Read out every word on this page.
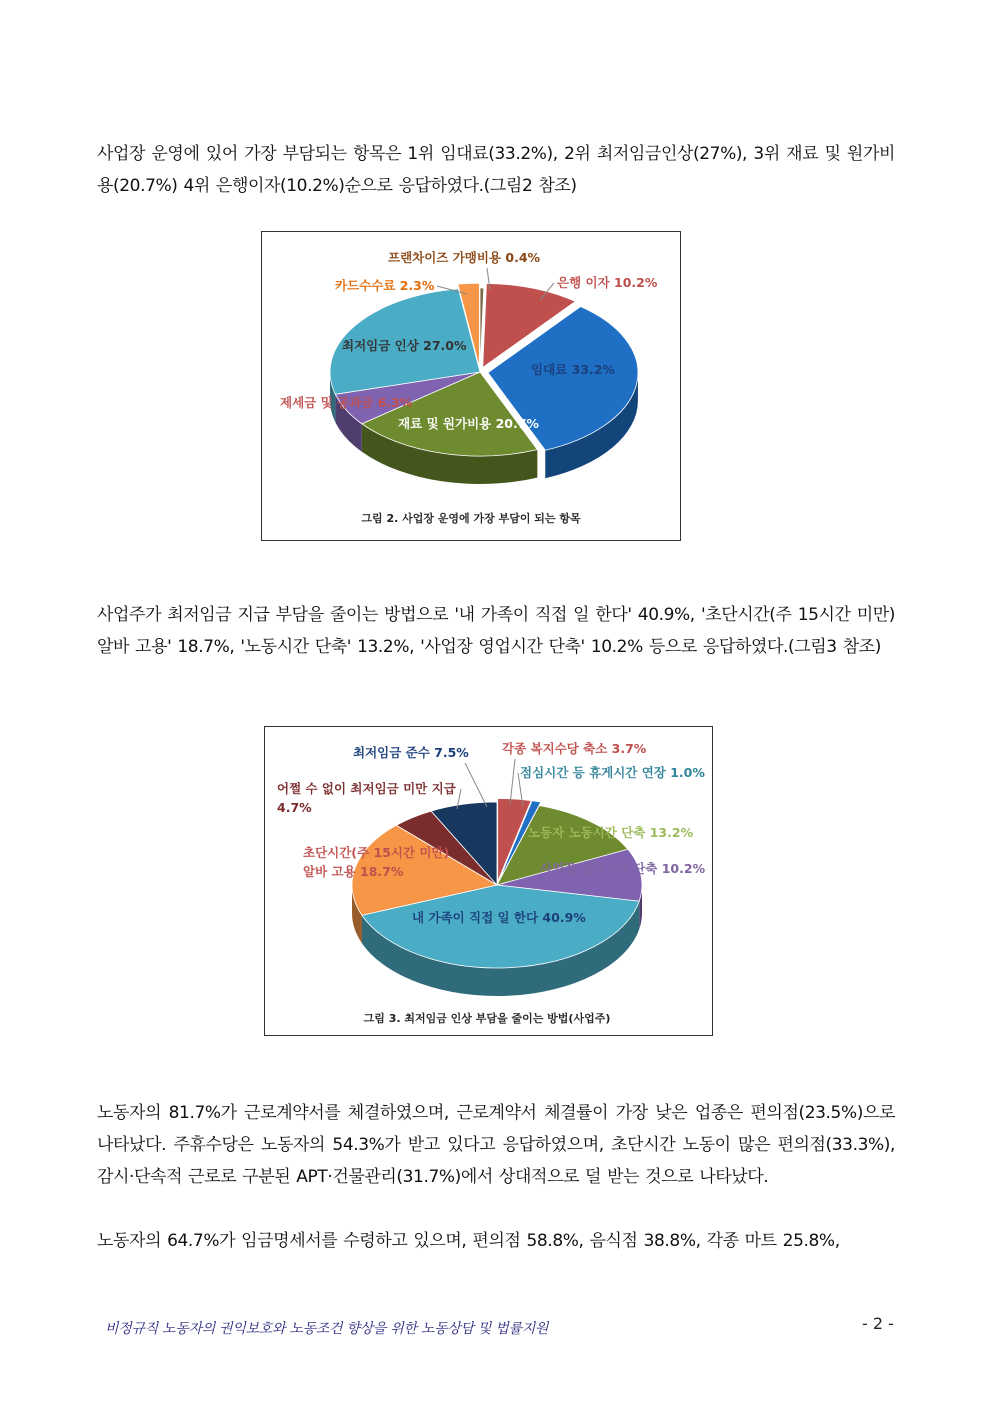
사업장 운영에 있어 가장 부담되는 항목은 1위 임대료(33.2%), 2위 최저임금인상(27%), 3위 재료 및 원가비용(20.7%) 4위 은행이자(10.2%)순으로 응답하였다.(그림2 참조)

프랜차이즈 가맹비용 0.4%
은행 이자 10.2%
카드수수료 2.3%
최저임금 인상 27.0%
임대료 33.2%
제세금 및 공과금 6.3%
재료 및 원가비용 20.7%
그림 2. 사업장 운영에 가장 부담이 되는 항목

사업주가 최저임금 지급 부담을 줄이는 방법으로 '내 가족이 직접 일 한다' 40.9%, '초단시간(주 15시간 미만) 알바 고용' 18.7%, '노동시간 단축' 13.2%, '사업장 영업시간 단축' 10.2% 등으로 응답하였다.(그림3 참조)

최저임금 준수 7.5%	각종 복지수당 축소 3.7%
점심시간 등 휴게시간 연장 1.0%
어쩔 수 없이 최저임금 미만 지급
4.7%
노동자 노동시간 단축 13.2%
초단시간(주 15시간 미만)
알바 고용 18.7%	사업장 영업시간 단축 10.2%
내 가족이 직접 일 한다 40.9%
그림 3. 최저임금 인상 부담을 줄이는 방법(사업주)

노동자의 81.7%가 근로계약서를 체결하였으며, 근로계약서 체결률이 가장 낮은 업종은 편의점(23.5%)으로 나타났다. 주휴수당은 노동자의 54.3%가 받고 있다고 응답하였으며, 초단시간 노동이 많은 편의점(33.3%), 감시·단속적 근로로 구분된 APT·건물관리(31.7%)에서 상대적으로 덜 받는 것으로 나타났다.

노동자의 64.7%가 임금명세서를 수령하고 있으며, 편의점 58.8%, 음식점 38.8%, 각종 마트 25.8%,

비정규직 노동자의 권익보호와 노동조건 향상을 위한 노동상담 및 법률지원	- 2 -
